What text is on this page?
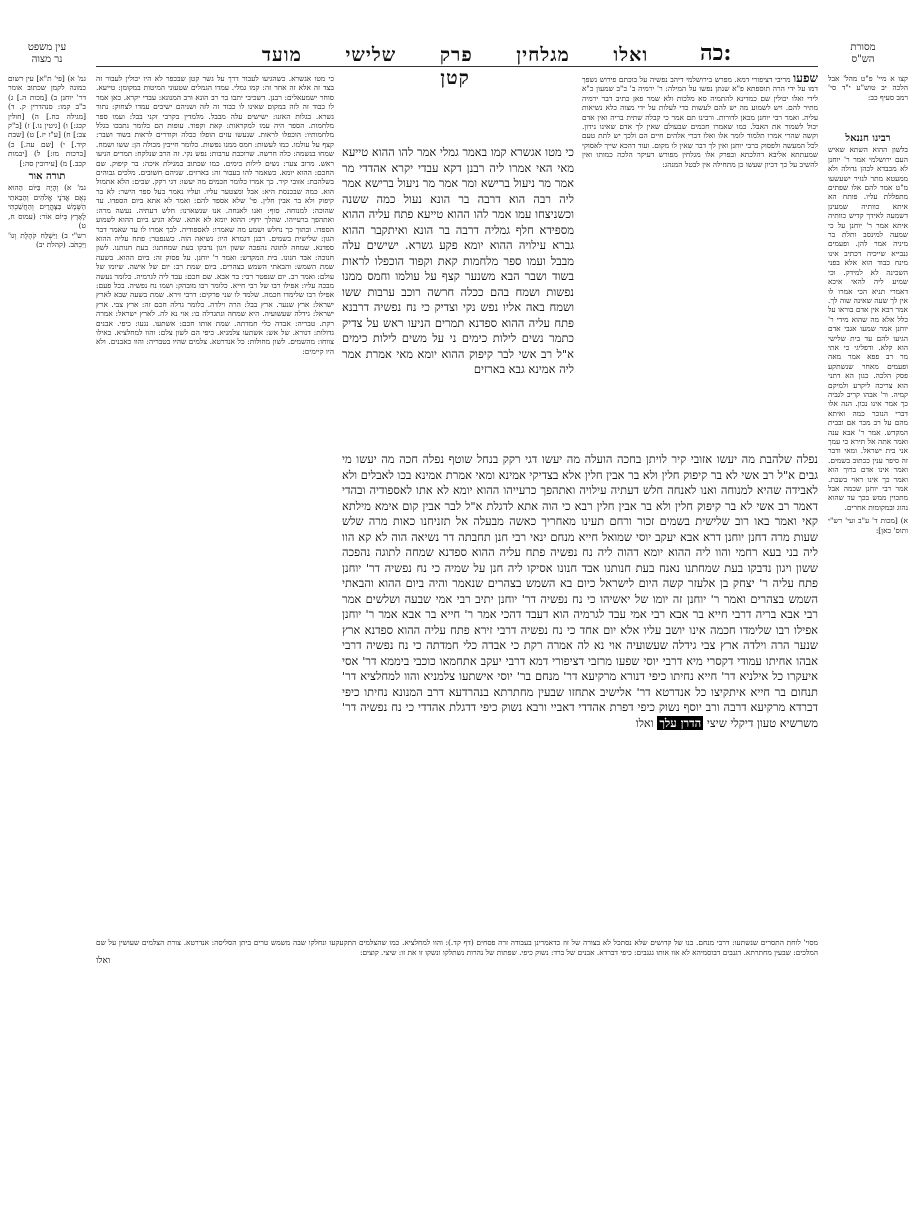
מסורת
הש"ס
כה:
ואלו מגלחין פרק שלישי מועד קטן
עין משפט
נר מצוה

גמ' א) [פי' ת"א] עין רשום כמונה לקמן שכתוב אומר דר' יוחנן ב) [מכות ה.] ג) ב"ב קמו: סנהדרין ק. ד) [מגילה כח.] ה) [חולין קכג:] ו) [גיטין נו.] ז) [ב"ק צב:] ח) [ע"ז יז.] ט) [שבת קיד.] י) [שם עה.] כ) [ברכות מז:] ל) [יבמות קכב.] מ) [עירובין סה:]

תורה אור

גמ' א) וְהָיָה בַּיּוֹם הַהוּא נְאֻם אֲדֹנָי אֱלֹהִים וְהֵבֵאתִי הַשֶּׁמֶשׁ בַּצָּהֳרָיִם וְהַחֲשַׁכְתִּי לָאָרֶץ בְּיוֹם אוֹר: (עמוס ח, ט)

רש"י ב) וַיִּשְׁלַח קֹהֶלֶת וְגוֹ' וַיִּכְתֹּב. (קהלת יב)

כי מטו אגשרא. כשהגיעו לעבור דרך על גשר קטן שבכפר לא היו יכולין לעבור זה בצד זה אלא זה אחר זה: קמו גמלי. עמדו הגמלים שטעוני המיטות במקומן: טייעא. סוחר ישמעאלים: רבנן. דשכיבי יתבו בר רב הונא ורב המנונא: עבדי יקרא. כאן אמר לו כבוד זה לזה במקום שאינו לו כבוד זה לזה ושניהם ישיבים עמדו לצחוק: נתור גשרא. בגלות האזנו: ישישים עלה מבבל. מלמדין בקרבי זקני בבל: ועמו ספר מלחמות. הספר היה עמו למקראות: קאת וקפוד. עופות הם כלומר נתבכו בגלל מלחמותיו: הוכפלו לראות. שנעשו עזים הופלו ככלה וקודרים לראות בשוד ושבר: קצף על עולמו. כמו לעשות: חמס ממנו נפשות. כלומר חייבין מכולה הן: ששו ושמח. שמחו בנשמה: כלה חרשה. שרוכבת ערבות: נפש נקי. זה הרב שנלקח: תמרים הניעו ראש. מרוב צער: נשים לילות כימים. כמו שכתוב במגילת איכה: בר קיפוק. שם החכם: ההוא יומא. כשאמר להו בעבור זה: בארזים. שניהם חשובים. מלכים גבוהים בשלהבת: אזובי קיר. כך אמרו כלומר חכמים מה יעשו: דגי רקק. שבים: הלא אתמול הוא. כמה שבכנסת היא: אבל ומצטער עליו. ועליו נאמר בעל ספר הישר: לא בר קיפוק ולא בר אבין חלין. פי' שלא אספד להם: ואמר לא אתא ביום הספדו. עד שהוכה: למנוחה. סוף: ואנו לאנחה. אנו שנשארנו: חלש דעתיה. נעשה מרה: ואתהפך ברעייהו. שהלך יחף: ההוא יומא לא אתא. שלא הגיע ביום ההוא לשמוע הספדו. ובתוך כך נחלש ושמע מה שאמרו: לאספודיה. לכך אמרו לו עד שאמר דבר הגון: שלישית בשמים. רבנן דגמרא היו: נשיאה הוה. כשנפטר: פתח עליה ההוא ספדנא. שמחה לתוגה נהפכה ששון ויגון נדבקו בעת שמחתנו: בעת חנותנו. לשון חנוכה: אבד חנונו. בית המקדש: ואמר ר' יוחנן. על פסוק זה: ביום ההוא. בשעה שמת השמש: והבאתי השמש בצהרים. ביום שמת רב: יום של אישה. שיומו של עולם: ואמר רב. יום שנפטר רבי: בר אבא. שם חכם: עבד ליה לגרמיה. כלומר נעשה מבכה עליו: אפילו רבו של רבי חייא. כלומר רבו מובהק: ושמו נח נפשיה. בכל פעם: אפילו רבו שלימדו חכמה. שלמד לו שני פרקים: דרבי זירא. שמת בשעה שבא לארץ ישראל: ארץ שנער. ארץ בבל: הרה וילדה. כלומר גדלה חכם זה: ארץ צבי. ארץ ישראל: גידלה שעשועיה. היא שמחה ונתגדלה בו: אוי נא לה. לארץ ישראל: אמרה רקת. טבריה: אבדה כלי חמדתה. שמת אותו חכם: אשתעו. נגעו: כיפי. אבנים גדולות: דנורא. של אש: אשתעו צלמניא. כיפי הם לשון צלם: והוו למחלציא. כאילו צווחו: מהשמים. לשון מחולות: כל אנדרטא. צלמים שהיו בטבריה: והוו כאבנים. ולא היו קיימים:

כי מטו אגשרא קמו באמר גמלי אמר להו ההוא טייעא מאי האי אמרו ליה רבנן דקא עבדי יקרא אהדדי מר אמר מר ניעול ברישא ומר אמר מר ניעול ברישא אמר ליה רבה הוא דרבה בר הונא נעול כמה ששנה וכשניצחו עמו אמר להו ההוא טייעא פתח עליה ההוא מספידא חלף גמליה דרבה בר הונא ואיתקבר ההוא גברא עילויה ההוא יומא פקע גשרא. ישישים עלה מבבל ועמו ספר מלחמות קאת וקפוד הוכפלו לראות בשוד ושבר הבא משנער קצף על עולמו וחמס ממנו נפשות ושמח בהם ככלה חרשה רוכב ערבות ששו ושמח באה אליו נפש נקי וצדיק כי נח נפשיה דרבנא פתח עליה ההוא ספדנא תמרים הניעו ראש על צדיק כתמר נשים לילות כימים ני על משים לילות כימים א"ל רב אשי לבר קיפוק ההוא יומא מאי אמרת אמר ליה אמינא גבא בארזים

שפעו מריבי דציפורי דמא. מפרש בירושלמי דיהב נפשיה על בוכתם פירוש נשפך דמו על ידי הרה תוספתא פ"א שנתן נפשו על המילה: ר' ירמיה ב' כ"ב שמעון כ"א לידי ואלו יכולין שם כמדינא להתמיה סא מלכות ולא שמר פאן כתיב דבר ירמיה מתיר להם. ויש לשמוע מה יש להם לעשות כדי לעלות על ידי מצוה כלא נשיאות עליה. ואמר רבי יוחנן מכאן לדורות. ורבינו תם אמר כי קבלה שתית בריה ואין אדם יכול לשמור את האבל. כמו שאמרו חכמים שבעולם שאין לך אדם שאינו נידון. וקשה שהרי אמרו תלמוד לומר אלו ואלו דברי אלהים חיים הם ולכך יש לתת טעם לכל המעשה ולפסוק כרבי יוחנן ואין לך דבר שאין לו מקום. ועוד דהכא שייך לאסוקי שמעתתא אליבא דהלכתא ובפרק אלו מגלחין מפורש דעיקר הלכה כמותו ואין להשיב על כך דכיון שעשו כן מתחילה אין לבטל המנהג:

נפלה שלהבת מה יעשו אזובי קיר לויתן בחכה הועלה מה יעשו דגי רקק בנחל שוטף נפלה חכה מה יעשו מי גבים א"ל רב אשי לא בר קיפוק חלין ולא בר אבין חלין אלא בצדיקי אמינא ומאי אמרת אמינא בכו לאבלים ולא לאבידה שהיא למנוחה ואנו לאנחה חלש דעתיה עילויה ואתהפך כרעייהו ההוא יומא לא אתו לאספודיה ובהדי דאמר רב אשי לא בר קיפוק חלין ולא בר אבין חלין רבא כי הוה אתא לדגלת א"ל לבר אבין קום אימא מילתא קאי ואמר באו רוב שלישית בשמים זכור ורחם תעינו מאחריך כאשה מבעלה אל תזניחנו כאות מרה שלש שעות מרה דחנן יוחנן דרא אבא יעקב יוסי שמואל חייא מנחם ינאי רבי חנן תחבתה דר נשיאה הוה לא קא הוו ליה בני בעא רחמי והוו ליה ההוא יומא דהוה ליה נח נפשיה פתח עליה ההוא ספדנא שמחה לתוגה נהפכה ששון ויגון נדבקו בעת שמחתנו נאנח בעת חנותנו אבד חנונו אסיקו ליה חנן על שמיה כי נח נפשיה דר' יוחנן פתח עליה ר' יצחק בן אלעזר קשה היום לישראל כיום בא השמש בצהרים שנאמר והיה ביום ההוא והבאתי השמש בצהרים ואמר ר' יוחנן זה יומו של יאשיהו כי נח נפשיה דר' יוחנן יתיב רבי אמי שבעה ושלשים אמר רבי אבא בריה דרבי חייא בר אבא רבי אמי עבד לגרמיה הוא דעבד דהכי אמר ר' חייא בר אבא אמר ר' יוחנן אפילו רבו שלימדו חכמה אינו יושב עליו אלא יום אחד כי נח נפשיה דרבי זירא פתח עליה ההוא ספדנא ארץ שנער הרה וילדה ארץ צבי גידלה שעשועיה אוי נא לה אמרה רקת כי אבדה כלי חמדתה כי נח נפשיה דרבי אבהו אחיתו עמודי דקסרי מיא דרבי יוסי שפעו מרזבי דציפורי דמא דרבי יעקב אתחמאו כוכבי ביממא דר' אסי איעקרו כל אילניא דר' חייא נחיתו כיפי דנורא מרקיעא דר' מנחם בר' יוסי אישתעו צלמניא והוו למחלציא דר' תנחום בר חייא איתקיצו כל אנדרטא דר' אלישיב אתחזו שבעין מחתרתא בנהרדעא דרב המנונא נחיתו כיפי דברדא מרקיעא דרבה ורב יוסף נשוק כיפי דפרת אהדדי דאביי ורבא נשוק כיפי דדגלת אהדדי כי נח נפשיה דר' משרשיא טעון דיקלי שיצי הדרן עלך ואלו

קצו א מיי' פ"ט מהל' אבל הלכה יב טוש"ע י"ד סי' רמב סעיף כב:

רבינו חננאל

בלשון ההוא השתא שאיש העם ירושלמי אמר ר' יוחנן לא מכבדא לכהן גדולה ולא ממעטא מתר לנזיר ישעשעו מ"ט אמר להם אלו שפתים מתפללת עליו. פותח הא איתא כוותיה שמעינן דשמעה לאידך קדיש כוותיה איתא אמר ר' יוחנן על כי שמעה למינסב ותלת בר מיניה אמר להן. ופעמים גנבייא שייכיה דכתיב אינו מינח כבוד הוא אלא בפני השכינה לא למידק. וכי שמיע ליה להאי איכא דאמרי תניא הכי אמרו לו אין לך שעה שאינה שוה לך. אמר רבא אין אדם בוראו על כלל אלא מה שהוא מידי ר' יוחנן אמר שמעו אגבי אדם הגיעו להם עד בית שלישי הוא קלא. ודפליגי כי אתי מר רב פפא אמר מאה ופעמים מאחר שנשתקע פסק הלכה. כגון הא דתני הוא צריכה ליקרע ולמיקם קמיה. ור' אבהו קריב לגביה כך אמר אינו נכון. הנה אלו דברי הנזכר כמה ואיתא מהם על רב מכר אם ובבית המקדש. אמר ר' אבא ענה ואמר אתה אל תירא כי עמך אני בית ישראל. ומאי ודבר זה סיפר ענין ככתוב בשמים. ואמר אינו אדם ברוך הוא ואמר כך אינו ראוי בשבת. אמר רבי יוחנן שכמה אבל מתכוין ממש בכך עד שהוא נהוג ובמקומות אחרים.

א) [מכות ד' ע"ב ועי' רש"י ותוס' כאן]:

מסוי' לוחת התסרים שנשתעו: דרבי מנחם. בנו של קדושים שלא נסתכל לא בצורה של זוז כדאמרינן בעבודה זרה פסחים (דף קד.): והוו למחלציא. כמו שהצלמים התקעקעו ונחלקו שבה משמש טרים ביתן הסליסה: אנדרטא. צורת הצלמים שעושין על שם המלכים: שבעין מחתרתא. דגנבים דבוסמיהא לא אוו אותו גגנבים: כיפי דברדא. אבנים של ברד: נשוק כיפי. שפתות של נהרות נשתלקו ונשקו זו את זו: שיצי. קוצים:
ואלו
